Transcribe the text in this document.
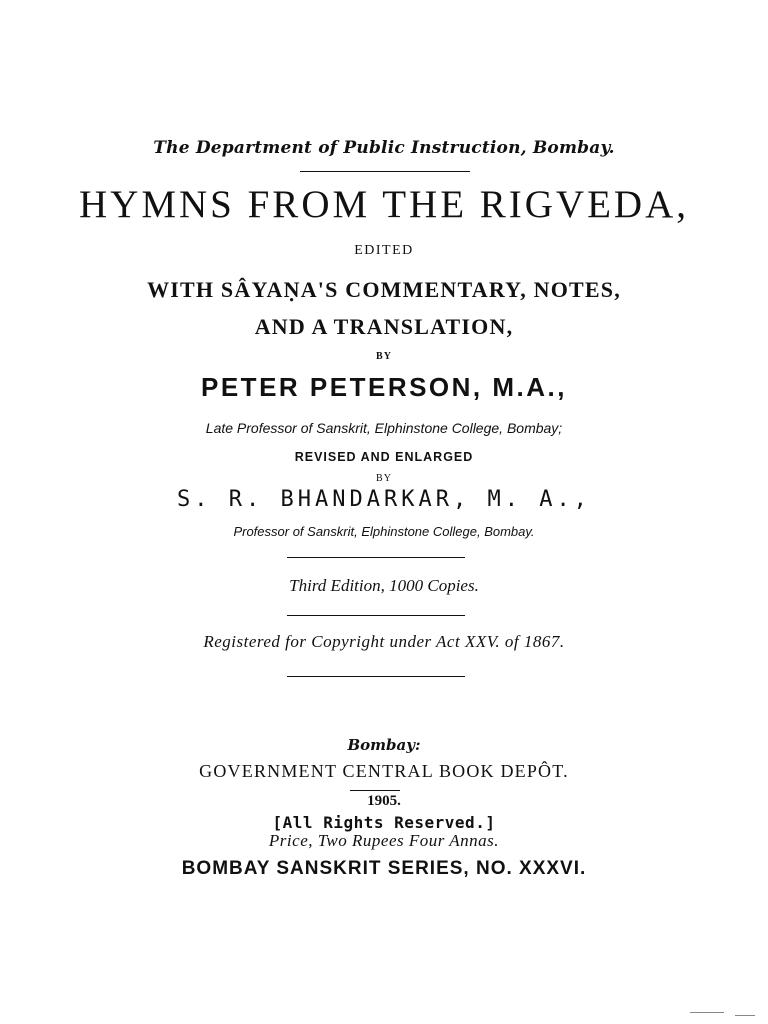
The Department of Public Instruction, Bombay.
HYMNS FROM THE RIGVEDA,
EDITED
WITH SÂYAṆA'S COMMENTARY, NOTES,
AND A TRANSLATION,
BY
PETER PETERSON, M.A.,
Late Professor of Sanskrit, Elphinstone College, Bombay;
REVISED AND ENLARGED
BY
S. R. BHANDARKAR, M. A.,
Professor of Sanskrit, Elphinstone College, Bombay.
Third Edition, 1000 Copies.
Registered for Copyright under Act XXV. of 1867.
Bombay:
GOVERNMENT CENTRAL BOOK DEPÔT.
1905.
[All Rights Reserved.]
Price, Two Rupees Four Annas.
BOMBAY SANSKRIT SERIES, NO. XXXVI.
